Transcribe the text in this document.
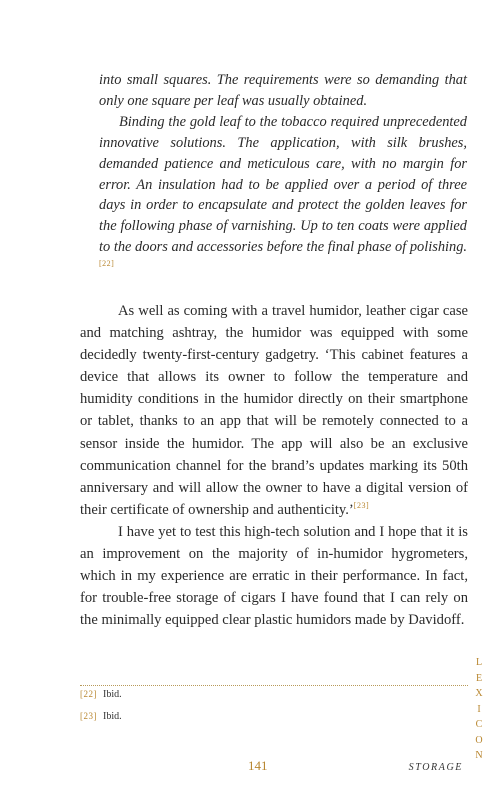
into small squares. The requirements were so demanding that only one square per leaf was usually obtained.

Binding the gold leaf to the tobacco required unprecedented innovative solutions. The application, with silk brushes, demanded patience and meticulous care, with no margin for error. An insulation had to be applied over a period of three days in order to encapsulate and protect the golden leaves for the following phase of varnishing. Up to ten coats were applied to the doors and accessories before the final phase of polishing.[22]

As well as coming with a travel humidor, leather cigar case and matching ashtray, the humidor was equipped with some decidedly twenty-first-century gadgetry. ‘This cabinet features a device that allows its owner to follow the temperature and humidity conditions in the humidor directly on their smartphone or tablet, thanks to an app that will be remotely connected to a sensor inside the humidor. The app will also be an exclusive communication channel for the brand’s updates marking its 50th anniversary and will allow the owner to have a digital version of their certificate of ownership and authenticity.’[23]

I have yet to test this high-tech solution and I hope that it is an improvement on the majority of in-humidor hygrometers, which in my experience are erratic in their performance. In fact, for trouble-free storage of cigars I have found that I can rely on the minimally equipped clear plastic humidors made by Davidoff.

[22] Ibid.
[23] Ibid.
141	STORAGE
L
E
X
I
C
O
N
